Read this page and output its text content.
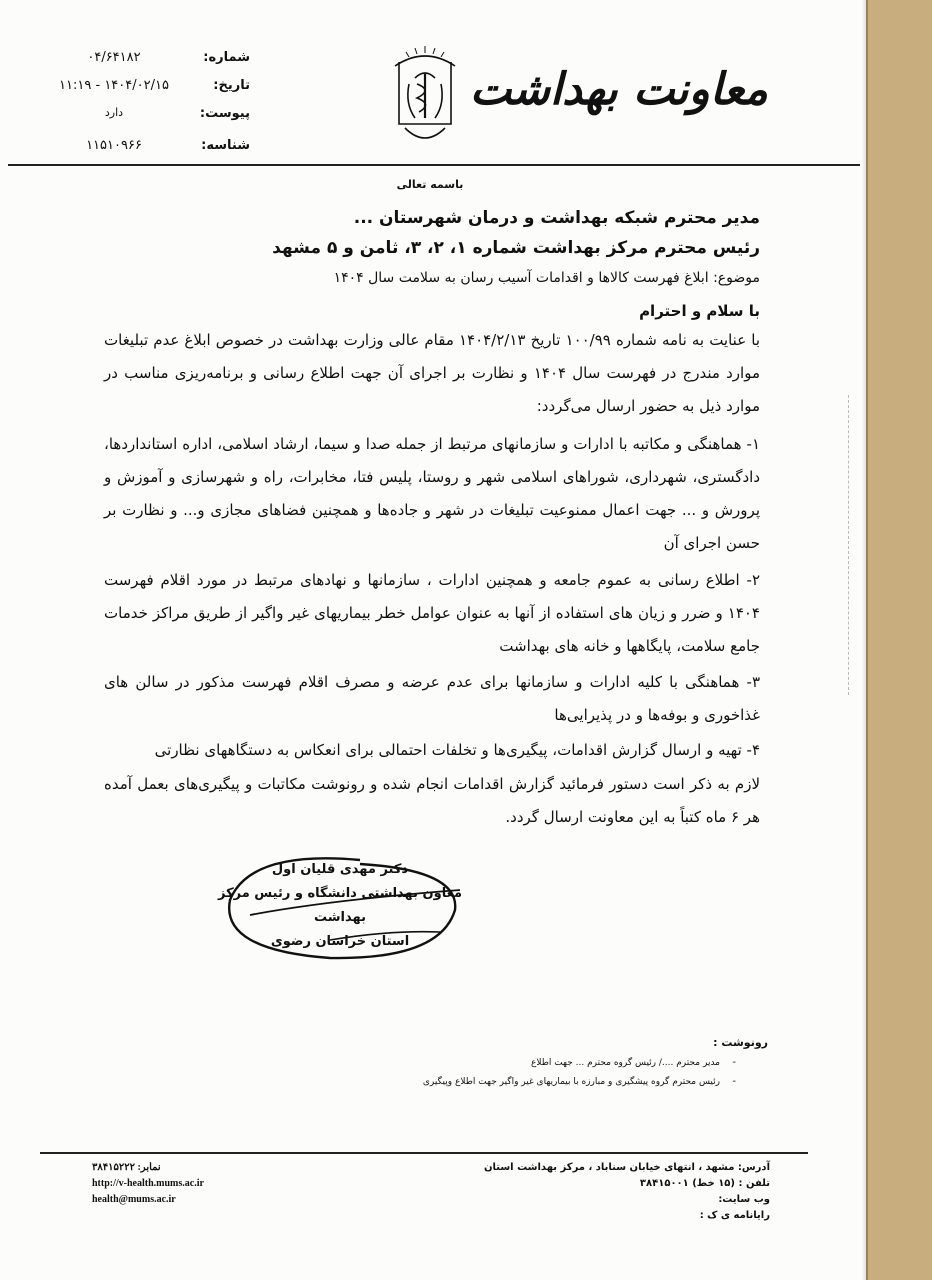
شماره:
۰۴/۶۴۱۸۲
تاریخ:
۱۴۰۴/۰۲/۱۵ - ۱۱:۱۹
پیوست:
دارد
شناسه:
۱۱۵۱۰۹۶۶
معاونت بهداشت
باسمه تعالی
مدیر محترم شبکه بهداشت و درمان شهرستان ...
رئیس محترم مرکز بهداشت شماره ۱، ۲، ۳، ثامن و ۵ مشهد
موضوع: ابلاغ فهرست کالاها و اقدامات آسیب رسان به سلامت سال ۱۴۰۴
با سلام و احترام
با عنایت به نامه شماره ۱۰۰/۹۹ تاریخ ۱۴۰۴/۲/۱۳ مقام عالی وزارت بهداشت در خصوص ابلاغ عدم تبلیغات موارد مندرج در فهرست سال ۱۴۰۴ و نظارت بر اجرای آن جهت اطلاع رسانی و برنامه‌ریزی مناسب در موارد ذیل به حضور ارسال می‌گردد:
۱- هماهنگی و مکاتبه با ادارات و سازمانهای مرتبط از جمله صدا و سیما، ارشاد اسلامی، اداره استانداردها، دادگستری، شهرداری، شوراهای اسلامی شهر و روستا، پلیس فتا، مخابرات، راه و شهرسازی و آموزش و پرورش و ... جهت اعمال ممنوعیت تبلیغات در شهر و جاده‌ها و همچنین فضاهای مجازی و... و نظارت بر حسن اجرای آن
۲- اطلاع رسانی به عموم جامعه و همچنین ادارات ، سازمانها و نهادهای مرتبط در مورد اقلام فهرست ۱۴۰۴ و ضرر و زیان های استفاده از آنها به عنوان عوامل خطر بیماریهای غیر واگیر از طریق مراکز خدمات جامع سلامت، پایگاهها و خانه های بهداشت
۳- هماهنگی با کلیه ادارات و سازمانها برای عدم عرضه و مصرف اقلام فهرست مذکور در سالن های غذاخوری و بوفه‌ها و در پذیرایی‌ها
۴- تهیه و ارسال گزارش اقدامات، پیگیری‌ها و تخلفات احتمالی برای انعکاس به دستگاههای نظارتی
لازم به ذکر است دستور فرمائید گزارش اقدامات انجام شده و رونوشت مکاتبات و پیگیری‌های بعمل آمده هر ۶ ماه کتباً به این معاونت ارسال گردد.
دکتر مهدی قلیان اول
معاون بهداشتی دانشگاه و رئیس مرکز بهداشت
استان خراسان رضوی
رونوشت :
-
مدیر محترم ..../ رئیس گروه محترم ... جهت اطلاع
-
رئیس محترم گروه پیشگیری و مبارزه با بیماریهای غیر واگیر جهت اطلاع وپیگیری
آدرس: مشهد ، انتهای خیابان سناباد ، مرکز بهداشت استان
تلفن : (۱۵ خط) ۳۸۴۱۵۰۰۱
وب سایت:
رایانامه ی ک :
نمابر: ۳۸۴۱۵۲۲۲
http://v-health.mums.ac.ir
health@mums.ac.ir
